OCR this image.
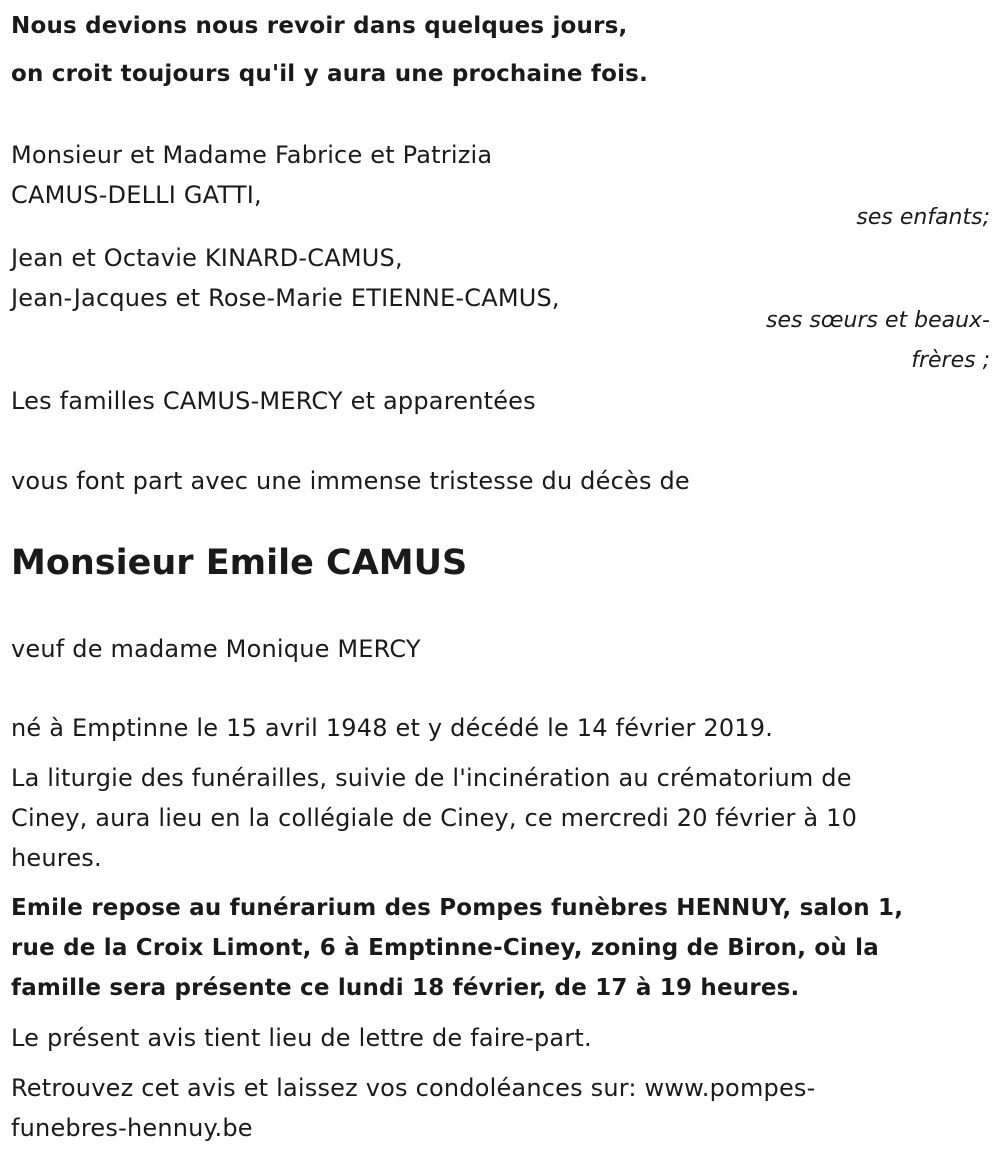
Nous devions nous revoir dans quelques jours,
on croit toujours qu'il y aura une prochaine fois.
Monsieur et Madame Fabrice et Patrizia
CAMUS-DELLI GATTI,
ses enfants;
Jean et Octavie KINARD-CAMUS,
Jean-Jacques et Rose-Marie ETIENNE-CAMUS,
ses sœurs et beaux-
frères ;
Les familles CAMUS-MERCY et apparentées
vous font part avec une immense tristesse du décès de
Monsieur Emile CAMUS
veuf de madame Monique MERCY
né à Emptinne le 15 avril 1948 et y décédé le 14 février 2019.
La liturgie des funérailles, suivie de l'incinération au crématorium de
Ciney, aura lieu en la collégiale de Ciney, ce mercredi 20 février à 10
heures.
Emile repose au funérarium des Pompes funèbres HENNUY, salon 1,
rue de la Croix Limont, 6 à Emptinne-Ciney, zoning de Biron, où la
famille sera présente ce lundi 18 février, de 17 à 19 heures.
Le présent avis tient lieu de lettre de faire-part.
Retrouvez cet avis et laissez vos condoléances sur: www.pompes-
funebres-hennuy.be
